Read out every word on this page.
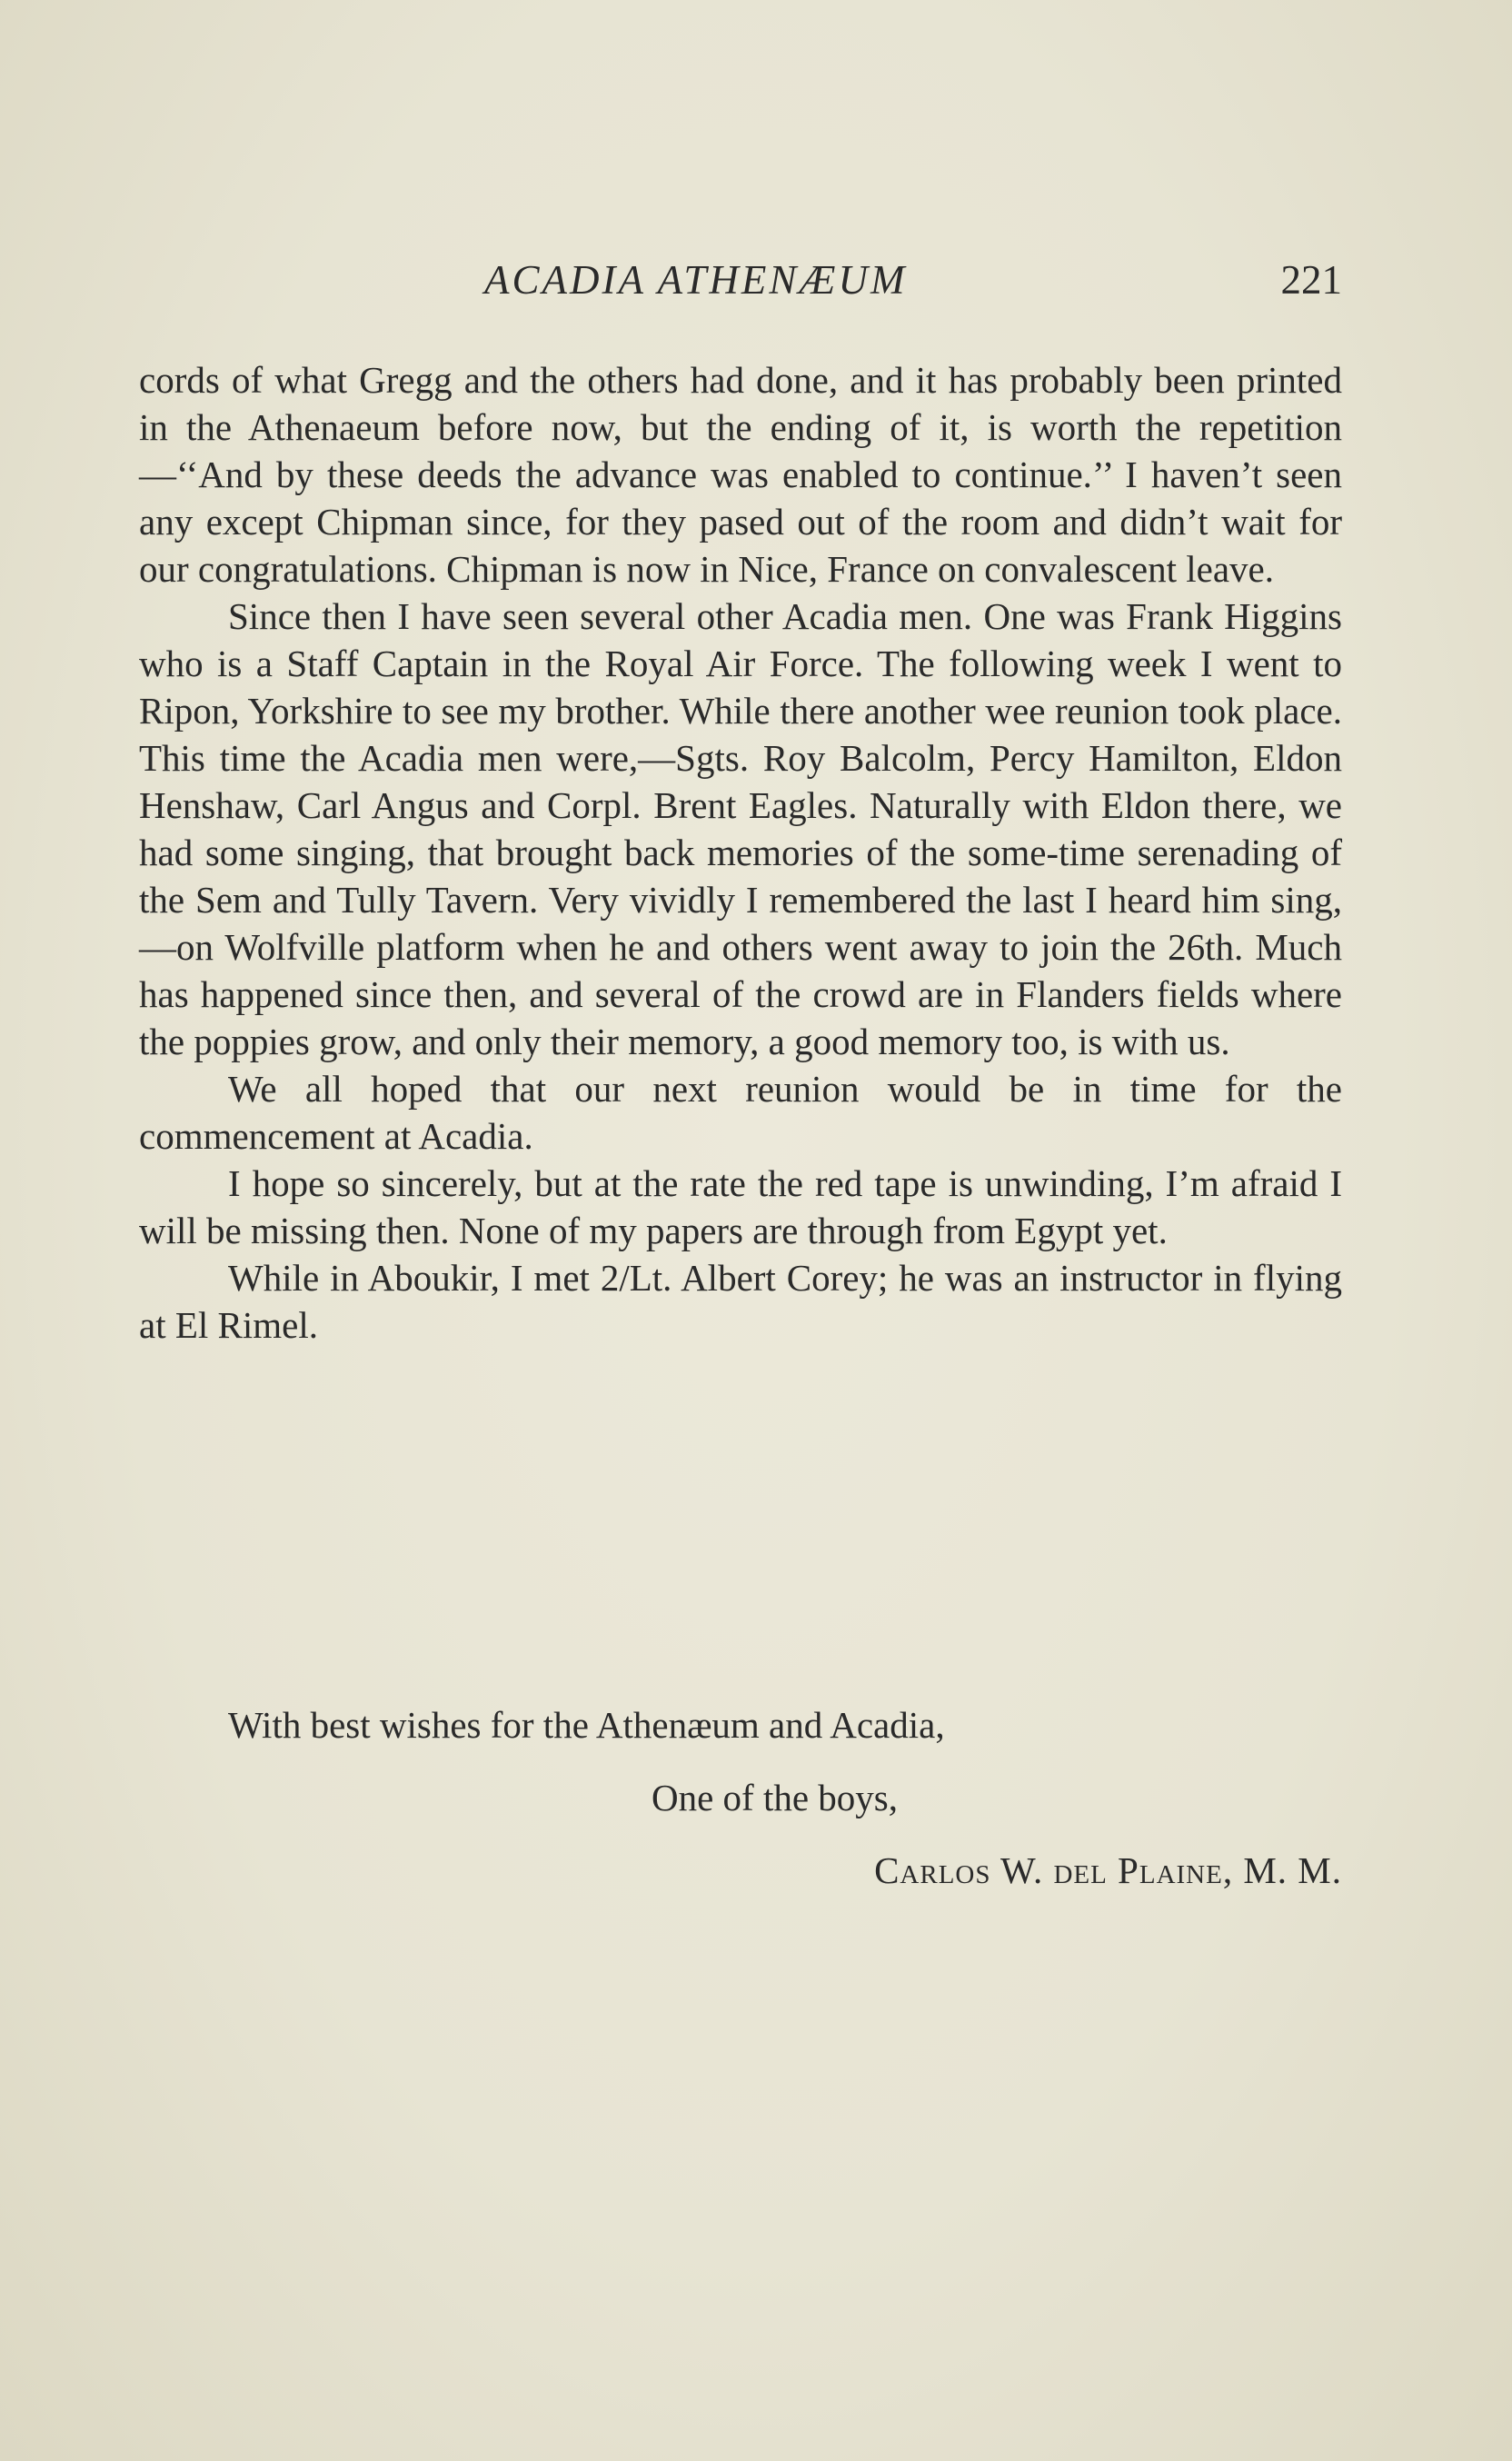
ACADIA ATHENÆUM	221

cords of what Gregg and the others had done, and it has probably been printed in the Athenaeum before now, but the ending of it, is worth the repetition—‘‘And by these deeds the advance was enabled to continue.’’ I haven’t seen any except Chipman since, for they pased out of the room and didn’t wait for our congratulations. Chipman is now in Nice, France on convalescent leave.

Since then I have seen several other Acadia men. One was Frank Higgins who is a Staff Captain in the Royal Air Force. The following week I went to Ripon, Yorkshire to see my brother. While there another wee reunion took place. This time the Acadia men were,—Sgts. Roy Balcolm, Percy Hamilton, Eldon Henshaw, Carl Angus and Corpl. Brent Eagles. Naturally with Eldon there, we had some singing, that brought back memories of the some-time serenading of the Sem and Tully Tavern. Very vividly I remembered the last I heard him sing,—on Wolfville platform when he and others went away to join the 26th. Much has happened since then, and several of the crowd are in Flanders fields where the poppies grow, and only their memory, a good memory too, is with us.

We all hoped that our next reunion would be in time for the commencement at Acadia.

I hope so sincerely, but at the rate the red tape is unwinding, I’m afraid I will be missing then. None of my papers are through from Egypt yet.

While in Aboukir, I met 2/Lt. Albert Corey; he was an instructor in flying at El Rimel.

With best wishes for the Athenæum and Acadia,
One of the boys,
Carlos W. del Plaine, M. M.
